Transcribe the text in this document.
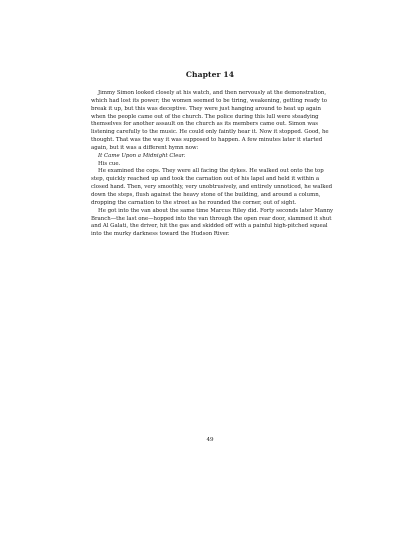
Chapter 14

Jimmy Simon looked closely at his watch, and then nervously at the demonstration, which had lost its power; the women seemed to be tiring, weakening, getting ready to break it up, but this was deceptive. They were just hanging around to heat up again when the people came out of the church. The police during this lull were steadying themselves for another assault on the church as its members came out. Simon was listening carefully to the music. He could only faintly hear it. Now it stopped. Good, he thought. That was the way it was supposed to happen. A few minutes later it started again, but it was a different hymn now:

It Came Upon a Midnight Clear.

His cue.

He examined the cops. They were all facing the dykes. He walked out onto the top step, quickly reached up and took the carnation out of his lapel and held it within a closed hand. Then, very smoothly, very unobtrusively, and entirely unnoticed, he walked down the steps, flush against the heavy stone of the building, and around a column, dropping the carnation to the street as he rounded the corner, out of sight.

He got into the van about the same time Marcus Riley did. Forty seconds later Manny Branch—the last one—hopped into the van through the open rear door, slammed it shut and Al Galati, the driver, hit the gas and skidded off with a painful high-pitched squeal into the murky darkness toward the Hudson River.

49
